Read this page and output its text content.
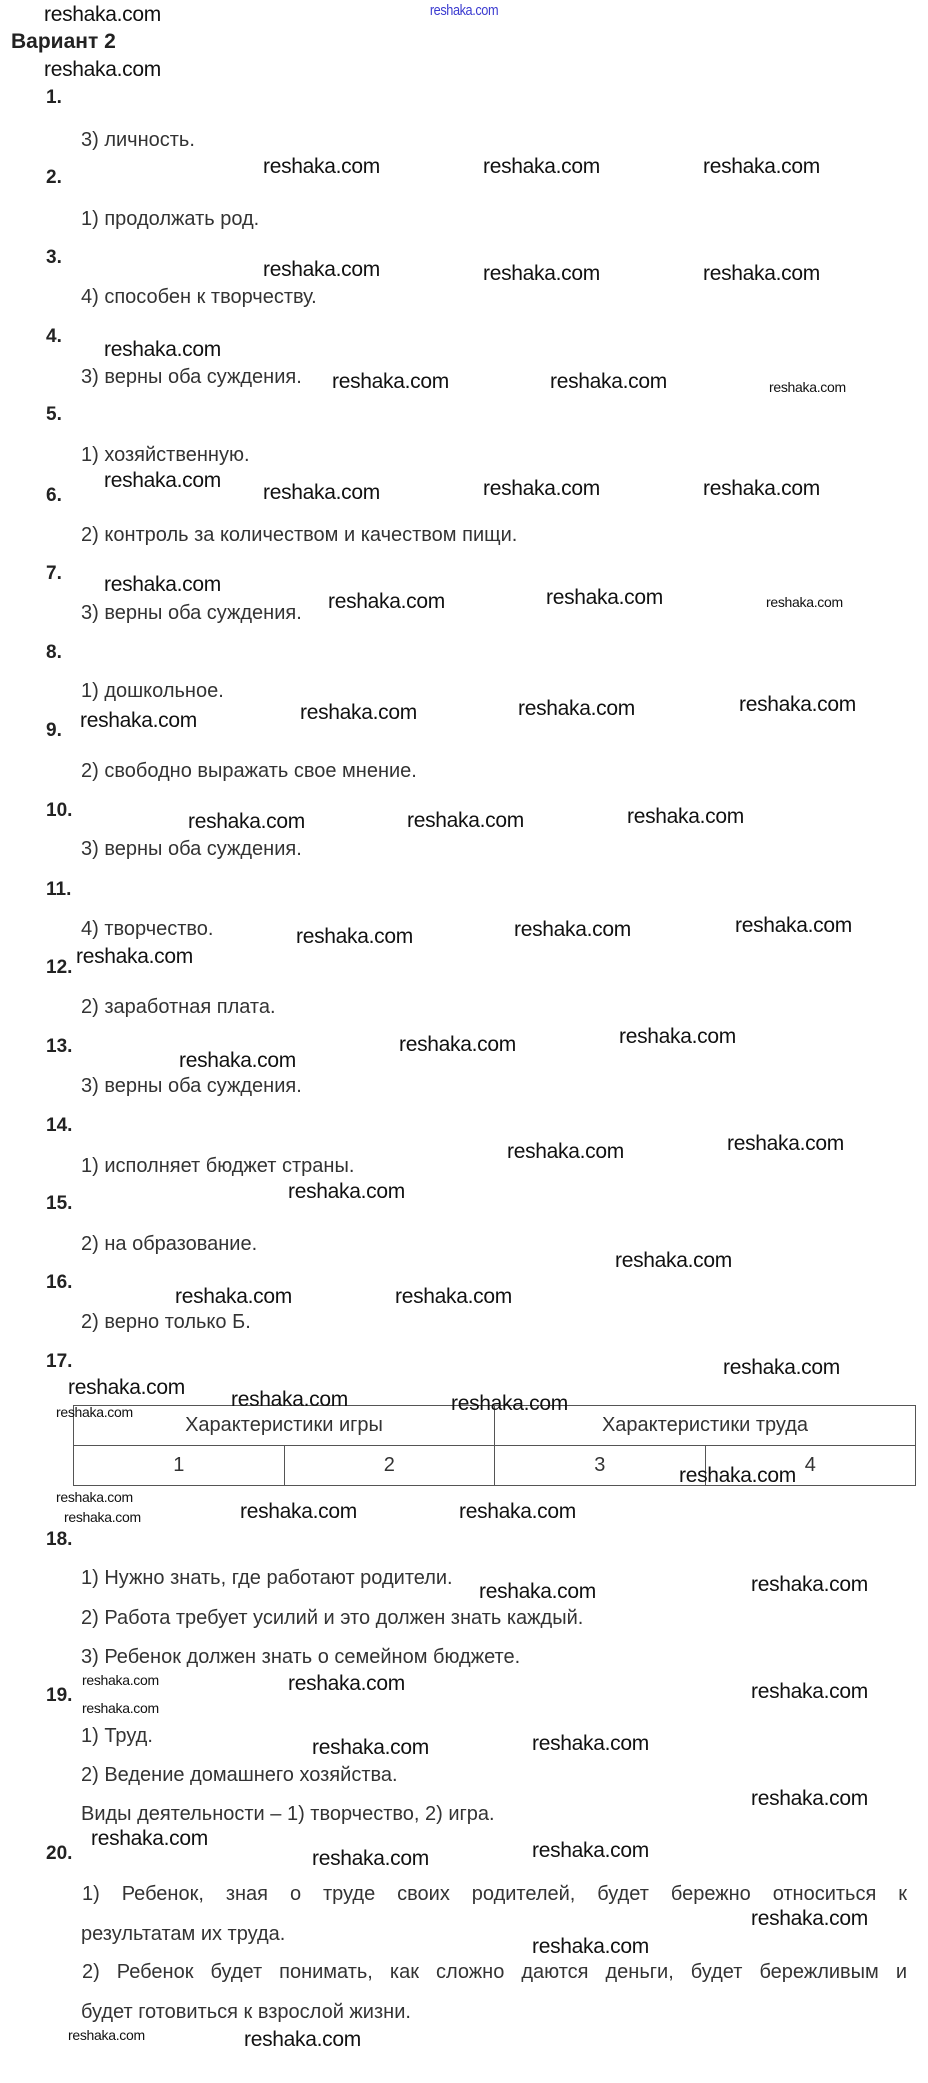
reshaka.com
Вариант 2
Характеристики игры		Характеристики труда	
1	2	3	4
1.
3) личность.
2.
1) продолжать род.
3.
4) способен к творчеству.
4.
3) верны оба суждения.
5.
1) хозяйственную.
6.
2) контроль за количеством и качеством пищи.
7.
3) верны оба суждения.
8.
1) дошкольное.
9.
2) свободно выражать свое мнение.
10.
3) верны оба суждения.
11.
4) творчество.
12.
2) заработная плата.
13.
3) верны оба суждения.
14.
1) исполняет бюджет страны.
15.
2) на образование.
16.
2) верно только Б.
17.
18.
1) Нужно знать, где работают родители.
2) Работа требует усилий и это должен знать каждый.
3) Ребенок должен знать о семейном бюджете.
19.
1) Труд.
2) Ведение домашнего хозяйства.
Виды деятельности – 1) творчество, 2) игра.
20.
1) Ребенок, зная о труде своих родителей, будет бережно относиться к
результатам их труда.
2) Ребенок будет понимать, как сложно даются деньги, будет бережливым и
будет готовиться к взрослой жизни.
reshaka.com
reshaka.com	reshaka.com	reshaka.com
reshaka.com
reshaka.com	reshaka.com	reshaka.com
reshaka.com
reshaka.com	reshaka.com	reshaka.com
reshaka.com
reshaka.com	reshaka.com	reshaka.com
reshaka.com
reshaka.com	reshaka.com	reshaka.com
reshaka.com	reshaka.com	reshaka.com	reshaka.com
reshaka.com	reshaka.com	reshaka.com
reshaka.com	reshaka.com	reshaka.com
reshaka.com
reshaka.com	reshaka.com
reshaka.com
reshaka.com	reshaka.com
reshaka.com
reshaka.com
reshaka.com
reshaka.com	reshaka.com
reshaka.com
reshaka.com
reshaka.com	reshaka.com
reshaka.com
reshaka.com
reshaka.com	reshaka.com
reshaka.com
reshaka.com
reshaka.com	reshaka.com
reshaka.com
reshaka.com
reshaka.com
reshaka.com	reshaka.com
reshaka.com
reshaka.com
reshaka.com	reshaka.com
reshaka.com
reshaka.com
reshaka.com
reshaka.com
